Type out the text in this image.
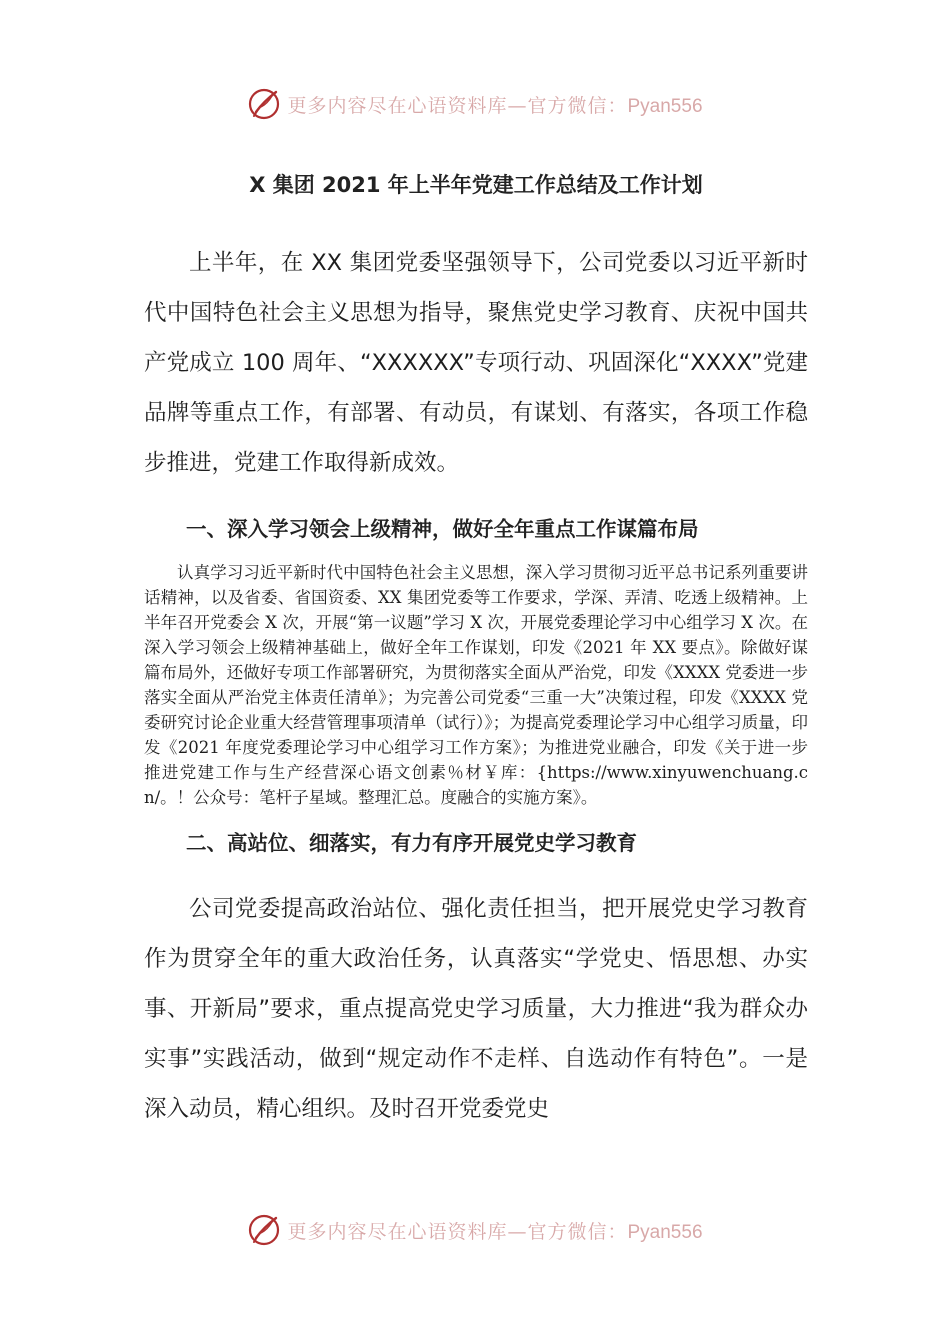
更多内容尽在心语资料库—官方微信：Pyan556
X 集团 2021 年上半年党建工作总结及工作计划

上半年，在 XX 集团党委坚强领导下，公司党委以习近平新时代中国特色社会主义思想为指导，聚焦党史学习教育、庆祝中国共产党成立 100 周年、“XXXXXX”专项行动、巩固深化“XXXX”党建品牌等重点工作，有部署、有动员，有谋划、有落实，各项工作稳步推进，党建工作取得新成效。

一、深入学习领会上级精神，做好全年重点工作谋篇布局

认真学习习近平新时代中国特色社会主义思想，深入学习贯彻习近平总书记系列重要讲话精神，以及省委、省国资委、XX 集团党委等工作要求，学深、弄清、吃透上级精神。上半年召开党委会 X 次，开展“第一议题”学习 X 次，开展党委理论学习中心组学习 X 次。在深入学习领会上级精神基础上，做好全年工作谋划，印发《2021 年 XX 要点》。除做好谋篇布局外，还做好专项工作部署研究，为贯彻落实全面从严治党，印发《XXXX 党委进一步落实全面从严治党主体责任清单》；为完善公司党委“三重一大”决策过程，印发《XXXX 党委研究讨论企业重大经营管理事项清单（试行）》；为提高党委理论学习中心组学习质量，印发《2021 年度党委理论学习中心组学习工作方案》；为推进党业融合，印发《关于进一步推进党建工作与生产经营深心语文创素％材￥库：{https://www.xinyuwenchuang.cn/。！公众号：笔杆子星域。整理汇总。度融合的实施方案》。

二、高站位、细落实，有力有序开展党史学习教育

公司党委提高政治站位、强化责任担当，把开展党史学习教育作为贯穿全年的重大政治任务，认真落实“学党史、悟思想、办实事、开新局”要求，重点提高党史学习质量，大力推进“我为群众办实事”实践活动，做到“规定动作不走样、自选动作有特色”。一是深入动员，精心组织。及时召开党委党史

更多内容尽在心语资料库—官方微信：Pyan556
